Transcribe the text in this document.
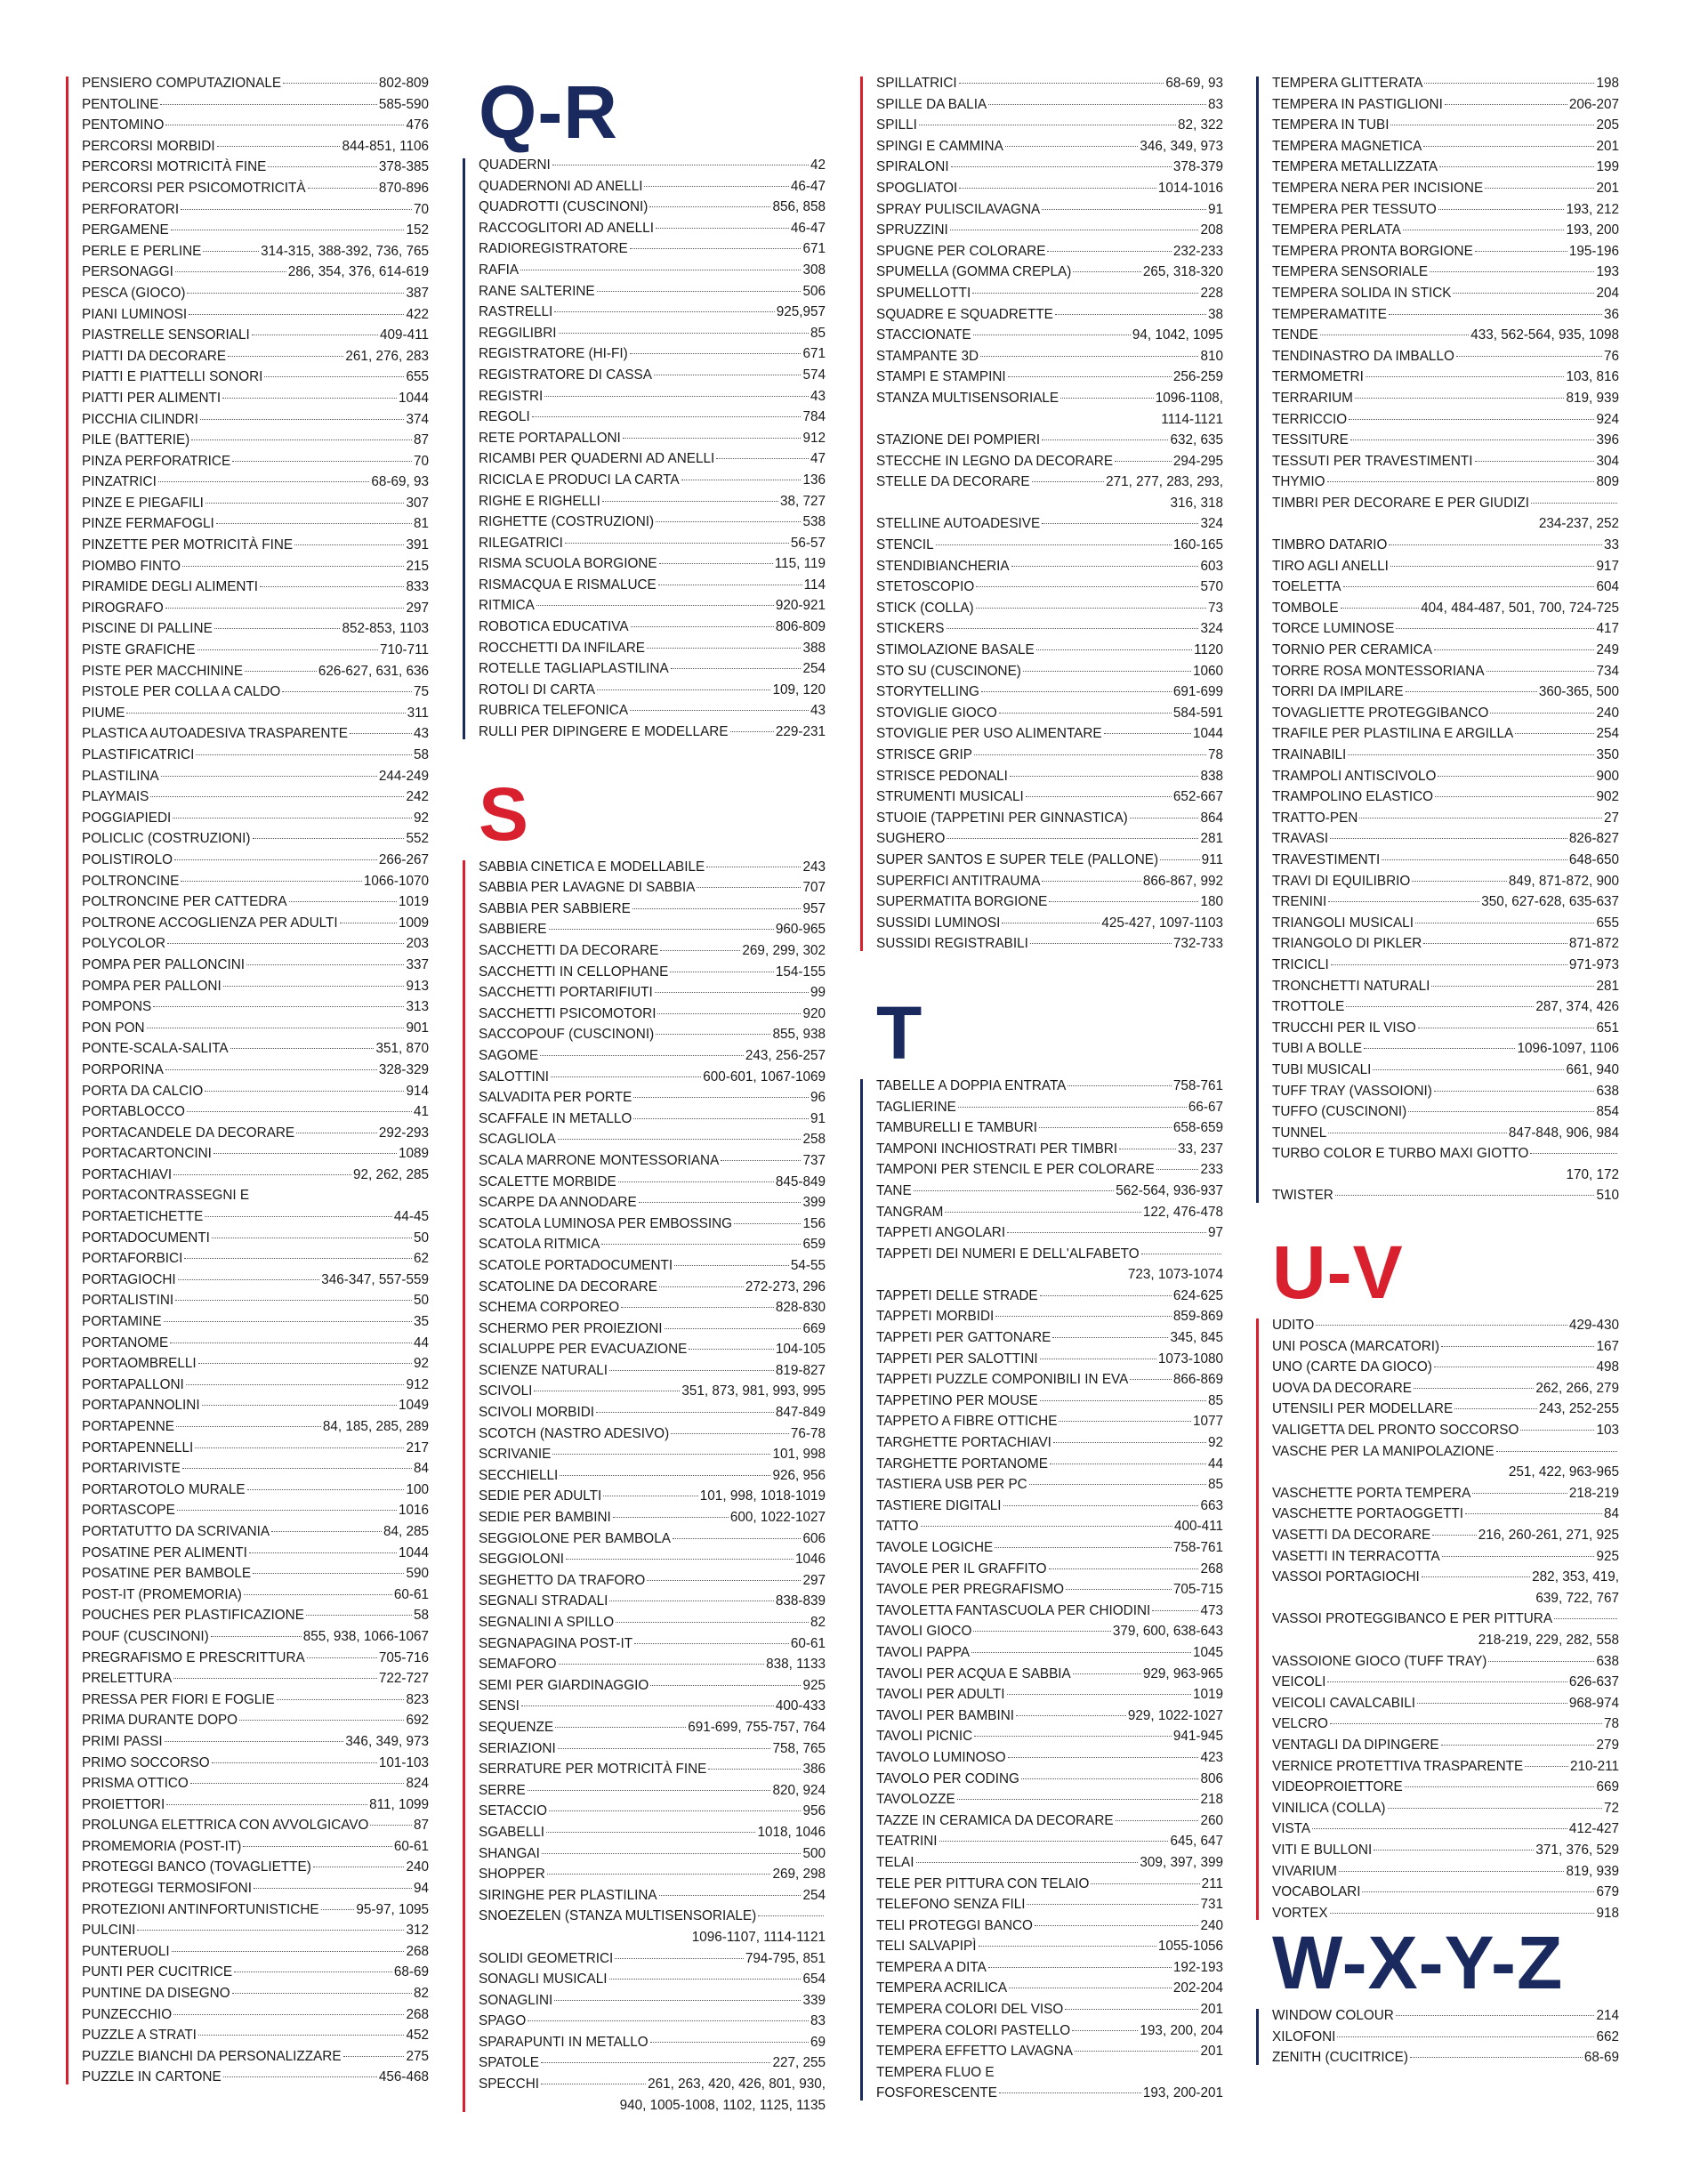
PENSIERO COMPUTAZIONALE	802-809
PENTOLINE	585-590
PENTOMINO	476
PERCORSI MORBIDI	844-851, 1106
PERCORSI MOTRICITÀ FINE	378-385
PERCORSI PER PSICOMOTRICITÀ	870-896
PERFORATORI	70
PERGAMENE	152
PERLE E PERLINE	314-315, 388-392, 736, 765
PERSONAGGI	286, 354, 376, 614-619
PESCA (GIOCO)	387
PIANI LUMINOSI	422
PIASTRELLE SENSORIALI	409-411
PIATTI DA DECORARE	261, 276, 283
PIATTI E PIATTELLI SONORI	655
PIATTI PER ALIMENTI	1044
PICCHIA CILINDRI	374
PILE (BATTERIE)	87
PINZA PERFORATRICE	70
PINZATRICI	68-69, 93
PINZE E PIEGAFILI	307
PINZE FERMAFOGLI	81
PINZETTE PER MOTRICITÀ FINE	391
PIOMBO FINTO	215
PIRAMIDE DEGLI ALIMENTI	833
PIROGRAFO	297
PISCINE DI PALLINE	852-853, 1103
PISTE GRAFICHE	710-711
PISTE PER MACCHININE	626-627, 631, 636
PISTOLE PER COLLA A CALDO	75
PIUME	311
PLASTICA AUTOADESIVA TRASPARENTE	43
PLASTIFICATRICI	58
PLASTILINA	244-249
PLAYMAIS	242
POGGIAPIEDI	92
POLICLIC (COSTRUZIONI)	552
POLISTIROLO	266-267
POLTRONCINE	1066-1070
POLTRONCINE PER CATTEDRA	1019
POLTRONE ACCOGLIENZA PER ADULTI	1009
POLYCOLOR	203
POMPA PER PALLONCINI	337
POMPA PER PALLONI	913
POMPONS	313
PON PON	901
PONTE-SCALA-SALITA	351, 870
PORPORINA	328-329
PORTA DA CALCIO	914
PORTABLOCCO	41
PORTACANDELE DA DECORARE	292-293
PORTACARTONCINI	1089
PORTACHIAVI	92, 262, 285
PORTACONTRASSEGNI E
PORTAETICHETTE	44-45
PORTADOCUMENTI	50
PORTAFORBICI	62
PORTAGIOCHI	346-347, 557-559
PORTALISTINI	50
PORTAMINE	35
PORTANOME	44
PORTAOMBRELLI	92
PORTAPALLONI	912
PORTAPANNOLINI	1049
PORTAPENNE	84, 185, 285, 289
PORTAPENNELLI	217
PORTARIVISTE	84
PORTAROTOLO MURALE	100
PORTASCOPE	1016
PORTATUTTO DA SCRIVANIA	84, 285
POSATINE PER ALIMENTI	1044
POSATINE PER BAMBOLE	590
POST-IT (PROMEMORIA)	60-61
POUCHES PER PLASTIFICAZIONE	58
POUF (CUSCINONI)	855, 938, 1066-1067
PREGRAFISMO E PRESCRITTURA	705-716
PRELETTURA	722-727
PRESSA PER FIORI E FOGLIE	823
PRIMA DURANTE DOPO	692
PRIMI PASSI	346, 349, 973
PRIMO SOCCORSO	101-103
PRISMA OTTICO	824
PROIETTORI	811, 1099
PROLUNGA ELETTRICA CON AVVOLGICAVO	87
PROMEMORIA (POST-IT)	60-61
PROTEGGI BANCO (TOVAGLIETTE)	240
PROTEGGI TERMOSIFONI	94
PROTEZIONI ANTINFORTUNISTICHE	95-97, 1095
PULCINI	312
PUNTERUOLI	268
PUNTI PER CUCITRICE	68-69
PUNTINE DA DISEGNO	82
PUNZECCHIO	268
PUZZLE A STRATI	452
PUZZLE BIANCHI DA PERSONALIZZARE	275
PUZZLE IN CARTONE	456-468
Q-R
QUADERNI	42
QUADERNONI AD ANELLI	46-47
QUADROTTI (CUSCINONI)	856, 858
RACCOGLITORI AD ANELLI	46-47
RADIOREGISTRATORE	671
RAFIA	308
RANE SALTERINE	506
RASTRELLI	925,957
REGGILIBRI	85
REGISTRATORE (HI-FI)	671
REGISTRATORE DI CASSA	574
REGISTRI	43
REGOLI	784
RETE PORTAPALLONI	912
RICAMBI PER QUADERNI AD ANELLI	47
RICICLA E PRODUCI LA CARTA	136
RIGHE E RIGHELLI	38, 727
RIGHETTE (COSTRUZIONI)	538
RILEGATRICI	56-57
RISMA SCUOLA BORGIONE	115, 119
RISMACQUA E RISMALUCE	114
RITMICA	920-921
ROBOTICA EDUCATIVA	806-809
ROCCHETTI DA INFILARE	388
ROTELLE TAGLIAPLASTILINA	254
ROTOLI DI CARTA	109, 120
RUBRICA TELEFONICA	43
RULLI PER DIPINGERE E MODELLARE	229-231
S
SABBIA CINETICA E MODELLABILE	243
SABBIA PER LAVAGNE DI SABBIA	707
SABBIA PER SABBIERE	957
SABBIERE	960-965
SACCHETTI DA DECORARE	269, 299, 302
SACCHETTI IN CELLOPHANE	154-155
SACCHETTI PORTARIFIUTI	99
SACCHETTI PSICOMOTORI	920
SACCOPOUF (CUSCINONI)	855, 938
SAGOME	243, 256-257
SALOTTINI	600-601, 1067-1069
SALVADITA PER PORTE	96
SCAFFALE IN METALLO	91
SCAGLIOLA	258
SCALA MARRONE MONTESSORIANA	737
SCALETTE MORBIDE	845-849
SCARPE DA ANNODARE	399
SCATOLA LUMINOSA PER EMBOSSING	156
SCATOLA RITMICA	659
SCATOLE PORTADOCUMENTI	54-55
SCATOLINE DA DECORARE	272-273, 296
SCHEMA CORPOREO	828-830
SCHERMO PER PROIEZIONI	669
SCIALUPPE PER EVACUAZIONE	104-105
SCIENZE NATURALI	819-827
SCIVOLI	351, 873, 981, 993, 995
SCIVOLI MORBIDI	847-849
SCOTCH (NASTRO ADESIVO)	76-78
SCRIVANIE	101, 998
SECCHIELLI	926, 956
SEDIE PER ADULTI	101, 998, 1018-1019
SEDIE PER BAMBINI	600, 1022-1027
SEGGIOLONE PER BAMBOLA	606
SEGGIOLONI	1046
SEGHETTO DA TRAFORO	297
SEGNALI STRADALI	838-839
SEGNALINI A SPILLO	82
SEGNAPAGINA POST-IT	60-61
SEMAFORO	838, 1133
SEMI PER GIARDINAGGIO	925
SENSI	400-433
SEQUENZE	691-699, 755-757, 764
SERIAZIONI	758, 765
SERRATURE PER MOTRICITÀ FINE	386
SERRE	820, 924
SETACCIO	956
SGABELLI	1018, 1046
SHANGAI	500
SHOPPER	269, 298
SIRINGHE PER PLASTILINA	254
SNOEZELEN (STANZA MULTISENSORIALE)
1096-1107, 1114-1121
SOLIDI GEOMETRICI	794-795, 851
SONAGLI MUSICALI	654
SONAGLINI	339
SPAGO	83
SPARAPUNTI IN METALLO	69
SPATOLE	227, 255
SPECCHI	261, 263, 420, 426, 801, 930,
940, 1005-1008, 1102, 1125, 1135
SPILLATRICI	68-69, 93
SPILLE DA BALIA	83
SPILLI	82, 322
SPINGI E CAMMINA	346, 349, 973
SPIRALONI	378-379
SPOGLIATOI	1014-1016
SPRAY PULISCILAVAGNA	91
SPRUZZINI	208
SPUGNE PER COLORARE	232-233
SPUMELLA (GOMMA CREPLA)	265, 318-320
SPUMELLOTTI	228
SQUADRE E SQUADRETTE	38
STACCIONATE	94, 1042, 1095
STAMPANTE 3D	810
STAMPI E STAMPINI	256-259
STANZA MULTISENSORIALE	1096-1108,
1114-1121
STAZIONE DEI POMPIERI	632, 635
STECCHE IN LEGNO DA DECORARE	294-295
STELLE DA DECORARE	271, 277, 283, 293,
316, 318
STELLINE AUTOADESIVE	324
STENCIL	160-165
STENDIBIANCHERIA	603
STETOSCOPIO	570
STICK (COLLA)	73
STICKERS	324
STIMOLAZIONE BASALE	1120
STO SU (CUSCINONE)	1060
STORYTELLING	691-699
STOVIGLIE GIOCO	584-591
STOVIGLIE PER USO ALIMENTARE	1044
STRISCE GRIP	78
STRISCE PEDONALI	838
STRUMENTI MUSICALI	652-667
STUOIE (TAPPETINI PER GINNASTICA)	864
SUGHERO	281
SUPER SANTOS E SUPER TELE (PALLONE)	911
SUPERFICI ANTITRAUMA	866-867, 992
SUPERMATITA BORGIONE	180
SUSSIDI LUMINOSI	425-427, 1097-1103
SUSSIDI REGISTRABILI	732-733
T
TABELLE A DOPPIA ENTRATA	758-761
TAGLIERINE	66-67
TAMBURELLI E TAMBURI	658-659
TAMPONI INCHIOSTRATI PER TIMBRI	33, 237
TAMPONI PER STENCIL E PER COLORARE	233
TANE	562-564, 936-937
TANGRAM	122, 476-478
TAPPETI ANGOLARI	97
TAPPETI DEI NUMERI E DELL'ALFABETO
723, 1073-1074
TAPPETI DELLE STRADE	624-625
TAPPETI MORBIDI	859-869
TAPPETI PER GATTONARE	345, 845
TAPPETI PER SALOTTINI	1073-1080
TAPPETI PUZZLE COMPONIBILI IN EVA	866-869
TAPPETINO PER MOUSE	85
TAPPETO A FIBRE OTTICHE	1077
TARGHETTE PORTACHIAVI	92
TARGHETTE PORTANOME	44
TASTIERA USB PER PC	85
TASTIERE DIGITALI	663
TATTO	400-411
TAVOLE LOGICHE	758-761
TAVOLE PER IL GRAFFITO	268
TAVOLE PER PREGRAFISMO	705-715
TAVOLETTA FANTASCUOLA PER CHIODINI	473
TAVOLI GIOCO	379, 600, 638-643
TAVOLI PAPPA	1045
TAVOLI PER ACQUA E SABBIA	929, 963-965
TAVOLI PER ADULTI	1019
TAVOLI PER BAMBINI	929, 1022-1027
TAVOLI PICNIC	941-945
TAVOLO LUMINOSO	423
TAVOLO PER CODING	806
TAVOLOZZE	218
TAZZE IN CERAMICA DA DECORARE	260
TEATRINI	645, 647
TELAI	309, 397, 399
TELE PER PITTURA CON TELAIO	211
TELEFONO SENZA FILI	731
TELI PROTEGGI BANCO	240
TELI SALVAPIPÌ	1055-1056
TEMPERA A DITA	192-193
TEMPERA ACRILICA	202-204
TEMPERA COLORI DEL VISO	201
TEMPERA COLORI PASTELLO	193, 200, 204
TEMPERA EFFETTO LAVAGNA	201
TEMPERA FLUO E
FOSFORESCENTE	193, 200-201
TEMPERA GLITTERATA	198
TEMPERA IN PASTIGLIONI	206-207
TEMPERA IN TUBI	205
TEMPERA MAGNETICA	201
TEMPERA METALLIZZATA	199
TEMPERA NERA PER INCISIONE	201
TEMPERA PER TESSUTO	193, 212
TEMPERA PERLATA	193, 200
TEMPERA PRONTA BORGIONE	195-196
TEMPERA SENSORIALE	193
TEMPERA SOLIDA IN STICK	204
TEMPERAMATITE	36
TENDE	433, 562-564, 935, 1098
TENDINASTRO DA IMBALLO	76
TERMOMETRI	103, 816
TERRARIUM	819, 939
TERRICCIO	924
TESSITURE	396
TESSUTI PER TRAVESTIMENTI	304
THYMIO	809
TIMBRI PER DECORARE E PER GIUDIZI
234-237, 252
TIMBRO DATARIO	33
TIRO AGLI ANELLI	917
TOELETTA	604
TOMBOLE	404, 484-487, 501, 700, 724-725
TORCE LUMINOSE	417
TORNIO PER CERAMICA	249
TORRE ROSA MONTESSORIANA	734
TORRI DA IMPILARE	360-365, 500
TOVAGLIETTE PROTEGGIBANCO	240
TRAFILE PER PLASTILINA E ARGILLA	254
TRAINABILI	350
TRAMPOLI ANTISCIVOLO	900
TRAMPOLINO ELASTICO	902
TRATTO-PEN	27
TRAVASI	826-827
TRAVESTIMENTI	648-650
TRAVI DI EQUILIBRIO	849, 871-872, 900
TRENINI	350, 627-628, 635-637
TRIANGOLI MUSICALI	655
TRIANGOLO DI PIKLER	871-872
TRICICLI	971-973
TRONCHETTI NATURALI	281
TROTTOLE	287, 374, 426
TRUCCHI PER IL VISO	651
TUBI A BOLLE	1096-1097, 1106
TUBI MUSICALI	661, 940
TUFF TRAY (VASSOIONI)	638
TUFFO (CUSCINONI)	854
TUNNEL	847-848, 906, 984
TURBO COLOR E TURBO MAXI GIOTTO
170, 172
TWISTER	510
U-V
UDITO	429-430
UNI POSCA (MARCATORI)	167
UNO (CARTE DA GIOCO)	498
UOVA DA DECORARE	262, 266, 279
UTENSILI PER MODELLARE	243, 252-255
VALIGETTA DEL PRONTO SOCCORSO	103
VASCHE PER LA MANIPOLAZIONE
251, 422, 963-965
VASCHETTE PORTA TEMPERA	218-219
VASCHETTE PORTAOGGETTI	84
VASETTI DA DECORARE	216, 260-261, 271, 925
VASETTI IN TERRACOTTA	925
VASSOI PORTAGIOCHI	282, 353, 419,
639, 722, 767
VASSOI PROTEGGIBANCO E PER PITTURA
218-219, 229, 282, 558
VASSOIONE GIOCO (TUFF TRAY)	638
VEICOLI	626-637
VEICOLI CAVALCABILI	968-974
VELCRO	78
VENTAGLI DA DIPINGERE	279
VERNICE PROTETTIVA TRASPARENTE	210-211
VIDEOPROIETTORE	669
VINILICA (COLLA)	72
VISTA	412-427
VITI E BULLONI	371, 376, 529
VIVARIUM	819, 939
VOCABOLARI	679
VORTEX	918
W-X-Y-Z
WINDOW COLOUR	214
XILOFONI	662
ZENITH (CUCITRICE)	68-69
